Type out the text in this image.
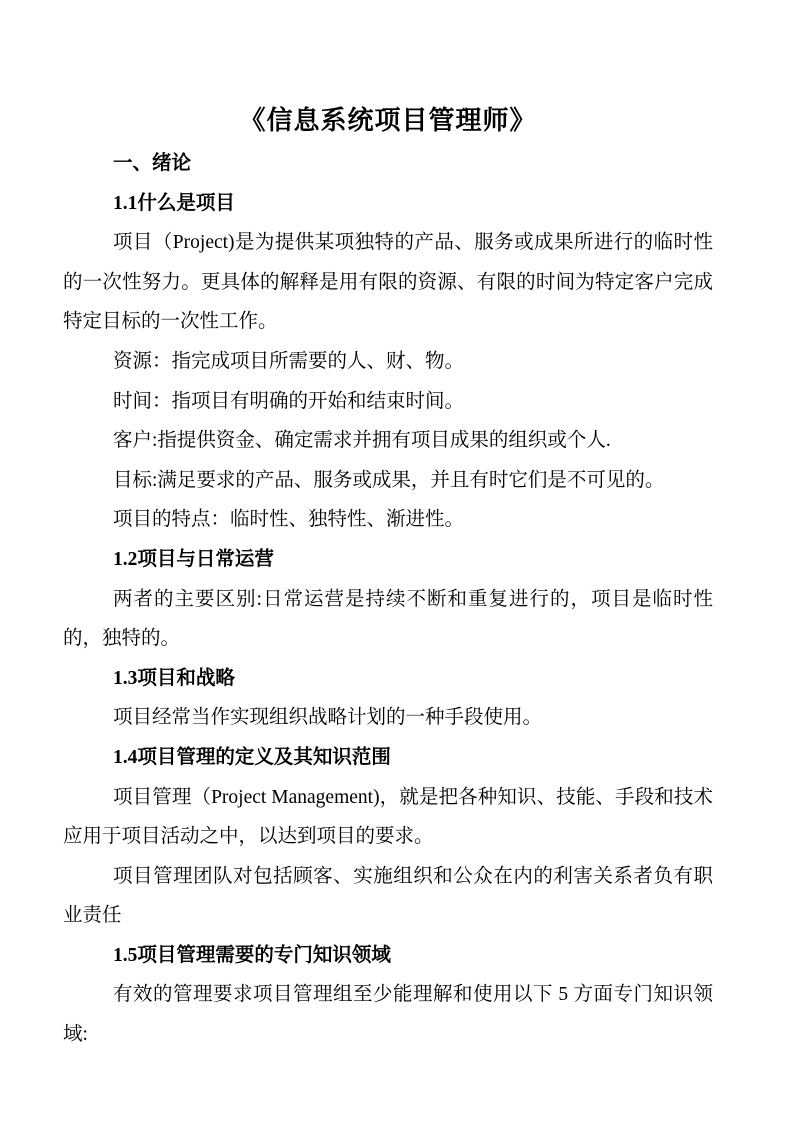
《信息系统项目管理师》
一、绪论
1.1什么是项目
项目（Project)是为提供某项独特的产品、服务或成果所进行的临时性的一次性努力。更具体的解释是用有限的资源、有限的时间为特定客户完成特定目标的一次性工作。
资源：指完成项目所需要的人、财、物。
时间：指项目有明确的开始和结束时间。
客户:指提供资金、确定需求并拥有项目成果的组织或个人.
目标:满足要求的产品、服务或成果，并且有时它们是不可见的。
项目的特点：临时性、独特性、渐进性。
1.2项目与日常运营
两者的主要区别:日常运营是持续不断和重复进行的，项目是临时性的，独特的。
1.3项目和战略
项目经常当作实现组织战略计划的一种手段使用。
1.4项目管理的定义及其知识范围
项目管理（Project Management)，就是把各种知识、技能、手段和技术应用于项目活动之中，以达到项目的要求。
项目管理团队对包括顾客、实施组织和公众在内的利害关系者负有职业责任
1.5项目管理需要的专门知识领域
有效的管理要求项目管理组至少能理解和使用以下 5 方面专门知识领域:
